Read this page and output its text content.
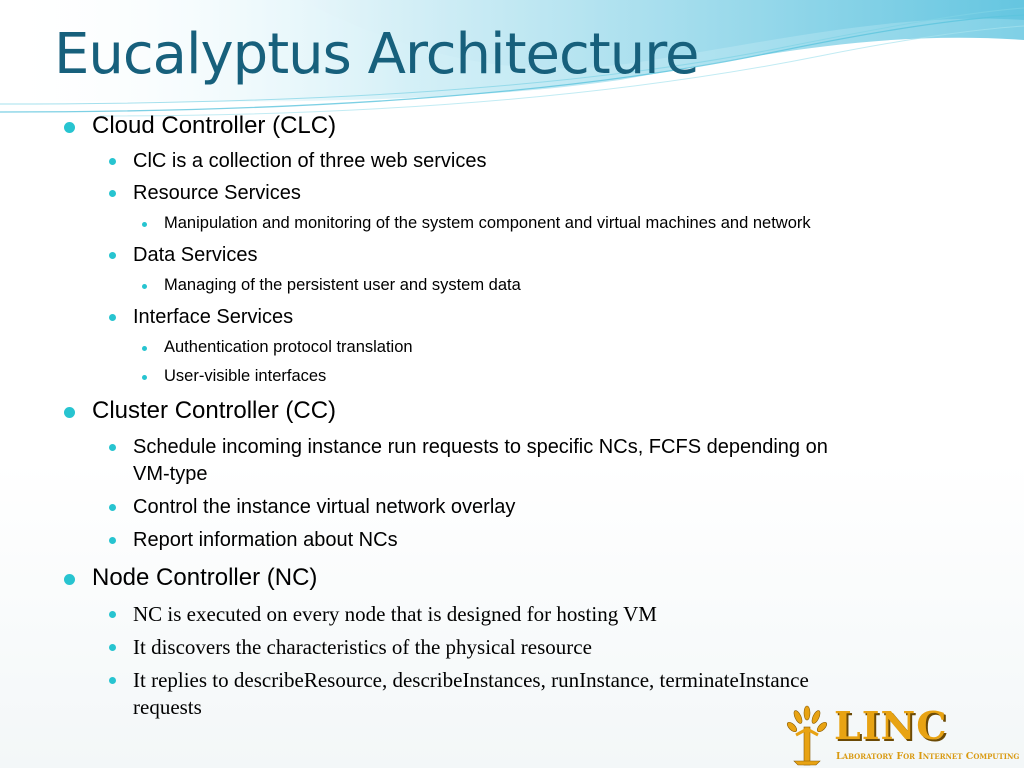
Eucalyptus Architecture
Cloud Controller (CLC)
ClC is a collection of three web services
Resource Services
Manipulation and monitoring of the system component and virtual machines and network
Data Services
Managing of the persistent user and system data
Interface Services
Authentication protocol translation
User-visible interfaces
Cluster Controller (CC)
Schedule incoming instance run requests to specific NCs, FCFS depending on
VM-type
Control the instance virtual network overlay
Report information about NCs
Node Controller (NC)
NC is executed on every node that is designed for hosting VM
It discovers the characteristics of the physical resource
It replies to describeResource, describeInstances, runInstance, terminateInstance
requests	LINC
Laboratory For Internet Computing
